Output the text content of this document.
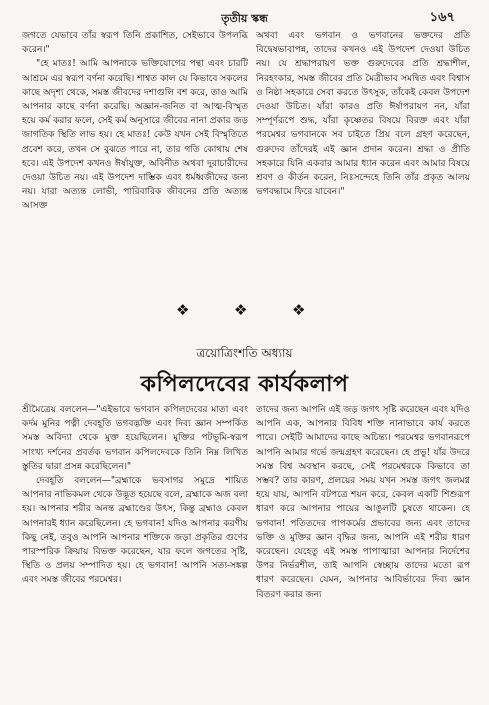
তৃতীয় স্কন্ধ	১৬৭

জগতে যেভাবে তাঁর স্বরূপ তিনি প্রকাশিত, সেইভাবে উপলব্ধি করেন।"

"হে মাতঃ! আমি আপনাকে ভক্তিযোগের পন্থা এবং চারটি আশ্রমে এর স্বরূপ বর্ণনা করেছি। শাশ্বত কাল যে কিভাবে সকলের কাছে অদৃশ্য থেকে, সমস্ত জীবদের দশাগুলি বশ করে, তাও আমি আপনার কাছে বর্ণনা করেছি। অজ্ঞান-জনিত বা আত্ম-বিস্মৃত হয়ে কর্ম করার ফলে, সেই কর্ম অনুসারে জীবের নানা প্রকার জড় জাগতিক স্থিতি লাভ হয়। হে মাতঃ! কেউ যখন সেই বিস্মৃতিতে প্রবেশ করে, তখন সে বুঝতে পারে না, তার গতি কোথায় শেষ হবে। এই উপদেশ কখনও ঈর্ষাযুক্ত, অবিনীত অথবা দুরাচারীদের দেওয়া উচিত নয়। এই উপদেশ দাম্ভিক এবং ধর্মধ্বজীদের জন্য নয়। যারা অত্যন্ত লোভী, পারিবারিক জীবনের প্রতি অত্যন্ত আসক্ত

অথবা এবং ভগবান ও ভগবানের ভক্তদের প্রতি বিদ্বেষভাবাপন্ন, তাদের কখনও এই উপদেশ দেওয়া উচিত নয়। যে শ্রদ্ধাপরায়ণ ভক্ত গুরুদেবের প্রতি শ্রদ্ধাশীল, নিরহংকার, সমস্ত জীবের প্রতি মৈত্রীভাব সমন্বিত এবং বিশ্বাস ও নিষ্ঠা সহকারে সেবা করতে উৎসুক, তাঁকেই কেবল উপদেশ দেওয়া উচিত। যাঁরা কারও প্রতি ঈর্ষাপরায়ণ নন, যাঁরা সম্পূর্ণরূপে শুদ্ধ, যাঁরা কৃষ্ণেতর বিষয়ে বিরক্ত এবং যাঁরা পরমেশ্বর ভগবানকে সব চাইতে প্রিয় বলে গ্রহণ করেছেন, গুরুদেব তাঁদেরই এই জ্ঞান প্রদান করেন। শ্রদ্ধা ও প্রীতি সহকারে যিনি একবার আমার ধ্যান করেন এবং আমার বিষয়ে শ্রবণ ও কীর্তন করেন, নিঃসন্দেহে তিনি তাঁর প্রকৃত আলয় ভগবদ্ধামে ফিরে যাবেন।"

❖	❖	❖
ত্রয়োত্রিংশতি অধ্যায়
কপিলদেবের কার্যকলাপ

শ্রীমৈত্রেয় বললেন—"এইভাবে ভগবান কপিলদেবের মাতা এবং কর্দম মুনির পত্নী দেবহূতি ভগবদ্ভক্তি এবং দিব্য জ্ঞান সম্পর্কিত সমস্ত অবিদ্যা থেকে মুক্ত হয়েছিলেন। মুক্তির পটভূমি-স্বরূপ সাংখ্য দর্শনের প্রবর্তক ভগবান কপিলদেবকে তিনি নিম্ন লিখিত স্তুতির দ্বারা প্রসন্ন করেছিলেন।"

দেবহূতি বললেন—"ব্রহ্মাকে ভবসাগর সমুদ্রে শায়িত আপনার নাভিকমল থেকে উদ্ভূত হয়েছে বলে, ব্রহ্মাকে অজ বলা হয়। আপনার শরীর অনন্ত ব্রহ্মাণ্ডের উৎস, কিন্তু ব্রহ্মাও কেবল আপনারই ধ্যান করেছিলেন। হে ভগবান! যদিও আপনার করণীয় কিছু নেই, তবুও আপনি আপনার শক্তিকে জড়া প্রকৃতির গুণের পারস্পরিক ক্রিয়ায় বিভক্ত করেছেন, যার ফলে জগতের সৃষ্টি, স্থিতি ও প্রলয় সম্পাদিত হয়। হে ভগবান! আপনি সত্য-সঙ্কল্প এবং সমস্ত জীবের পরমেশ্বর।

তাদের জন্য আপনি এই জড় জগৎ সৃষ্টি করেছেন এবং যদিও আপনি এক, আপনার বিবিধ শক্তি নানাভাবে কার্য করতে পারে। সেইটি আমাদের কাছে অচিন্ত্য। পরমেশ্বর ভগবানরূপে আপনি আমার গর্ভে জন্মগ্রহণ করেছেন। হে প্রভু! যাঁর উদরে সমস্ত বিশ্ব অবস্থান করছে, সেই পরমেশ্বরকে কিভাবে তা সম্ভব? তার কারণ, প্রলয়ের সময় যখন সমস্ত জগৎ জলমগ্ন হয়ে যায়, আপনি বটপত্রে শয়ন করে, কেবল একটি শিশুরূপ ধারণ করে আপনার পায়ের আঙুলটি চুষতে থাকেন। হে ভগবান! পতিতদের পাপকর্মের প্রভাবের জন্য এবং তাদের ভক্তি ও মুক্তির জ্ঞান বৃদ্ধির জন্য, আপনি এই শরীর ধারণ করেছেন। যেহেতু এই সমস্ত পাপাত্মারা আপনার নির্দেশের উপর নির্ভরশীল, তাই আপনি স্বেচ্ছায় তাদের মতো রূপ ধারণ করেছেন। যেমন, আপনার আবির্ভাবের দিব্য জ্ঞান বিতরণ করার জন্য
